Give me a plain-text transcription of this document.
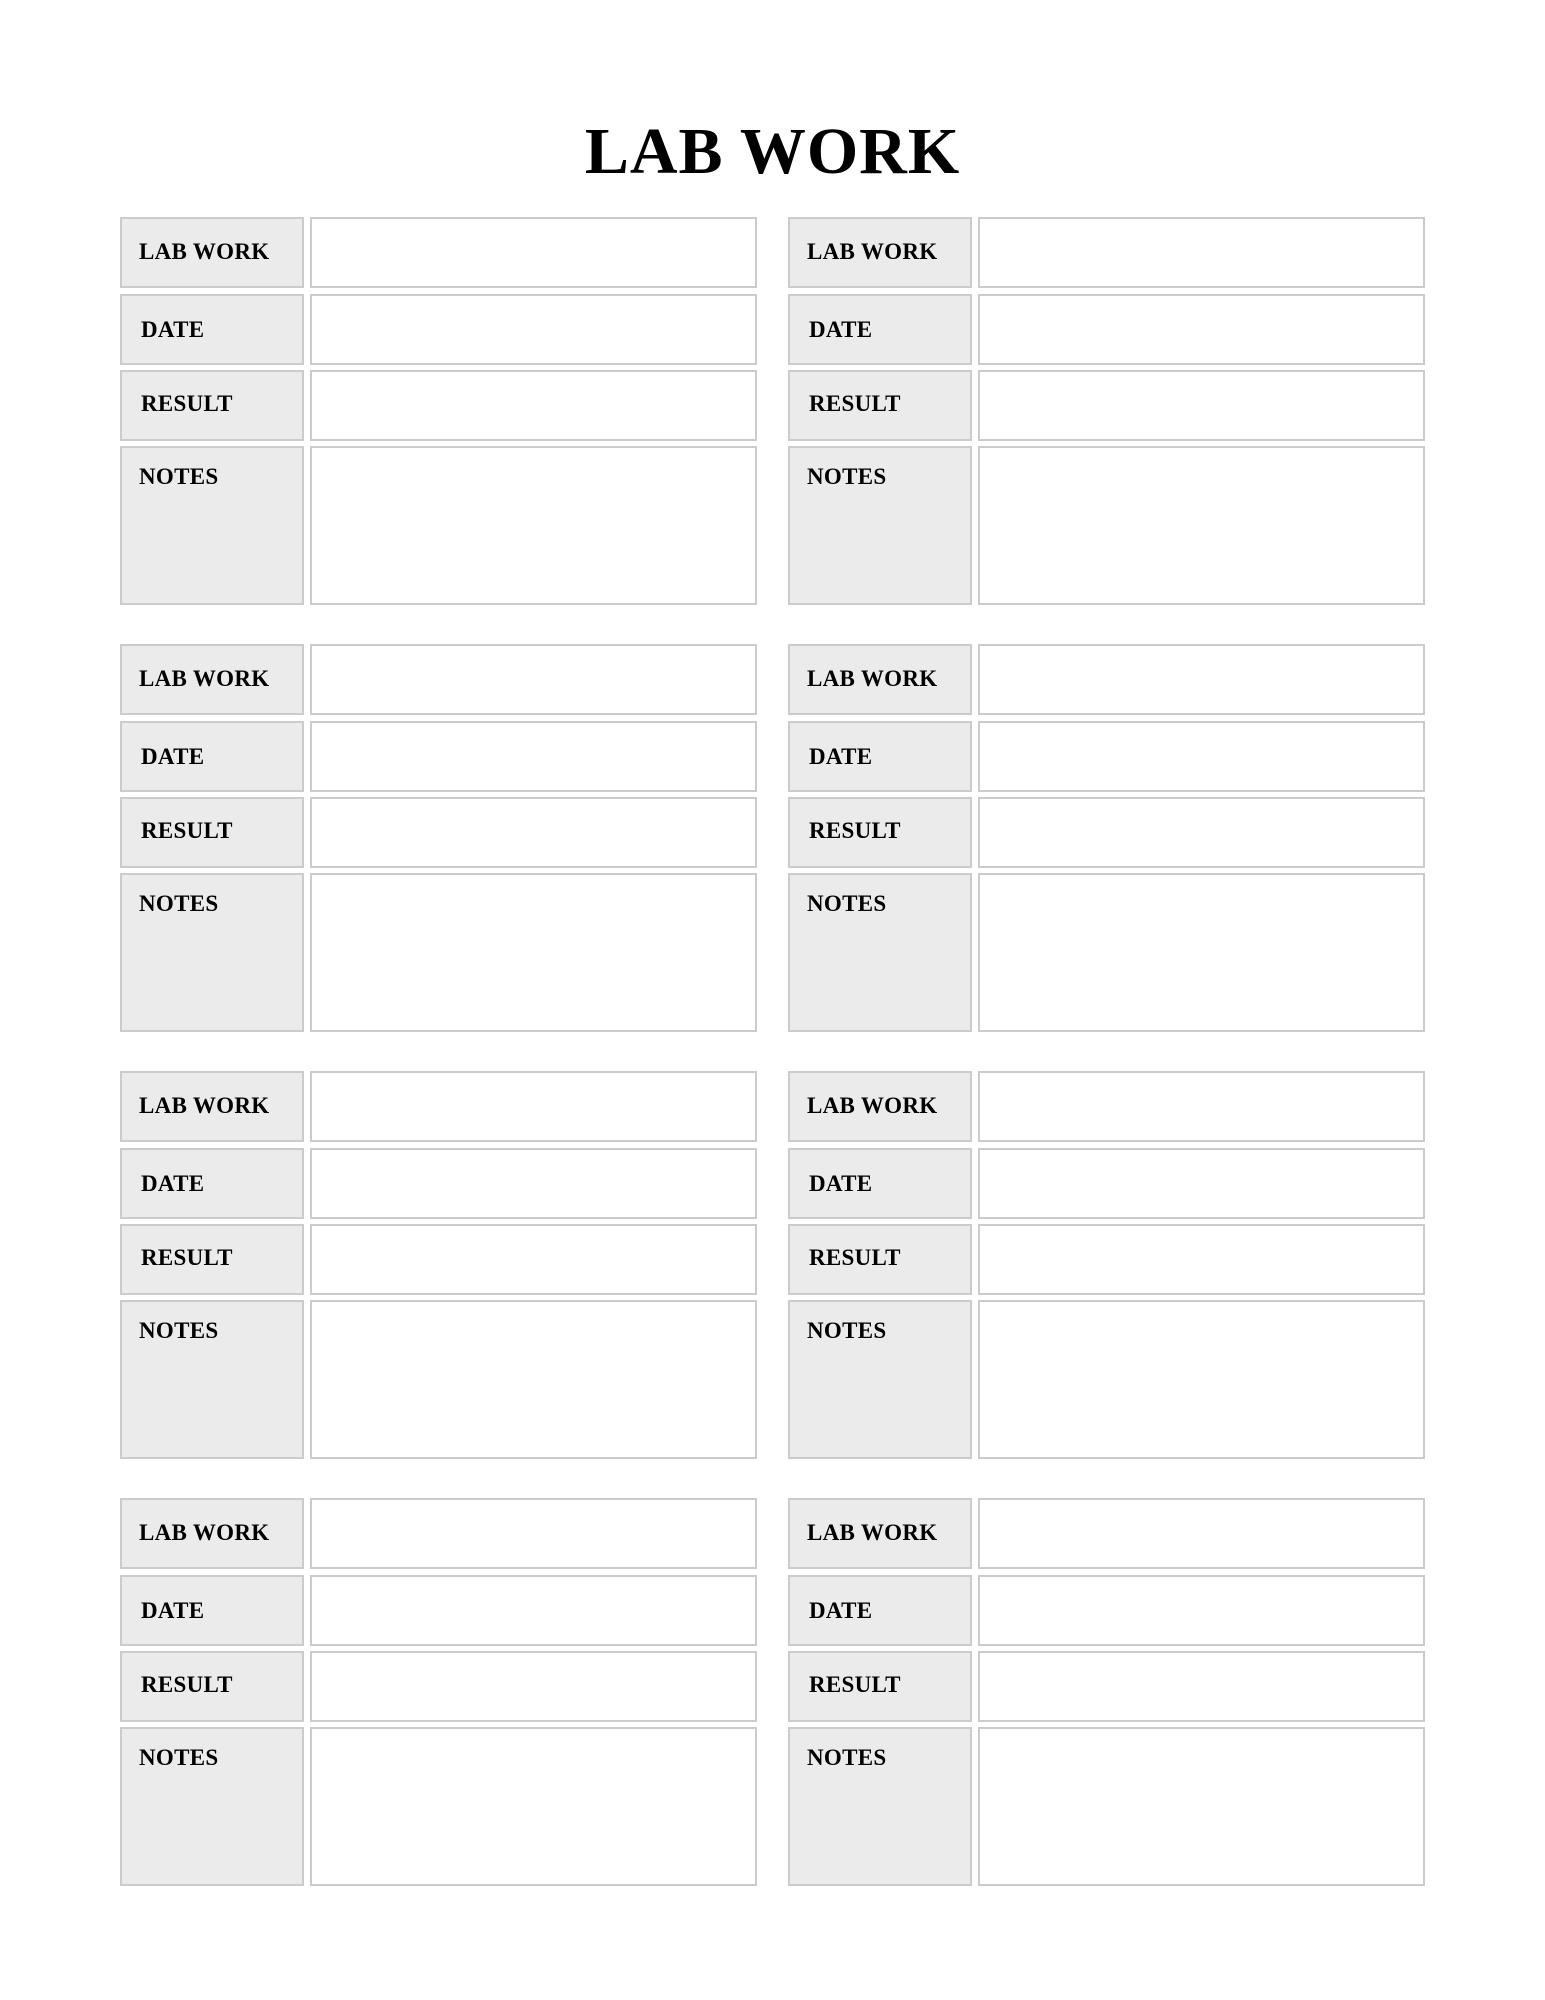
LAB WORK
LAB WORK
DATE
RESULT
NOTES
LAB WORK
DATE
RESULT
NOTES
LAB WORK
DATE
RESULT
NOTES
LAB WORK
DATE
RESULT
NOTES
LAB WORK
DATE
RESULT
NOTES
LAB WORK
DATE
RESULT
NOTES
LAB WORK
DATE
RESULT
NOTES
LAB WORK
DATE
RESULT
NOTES
